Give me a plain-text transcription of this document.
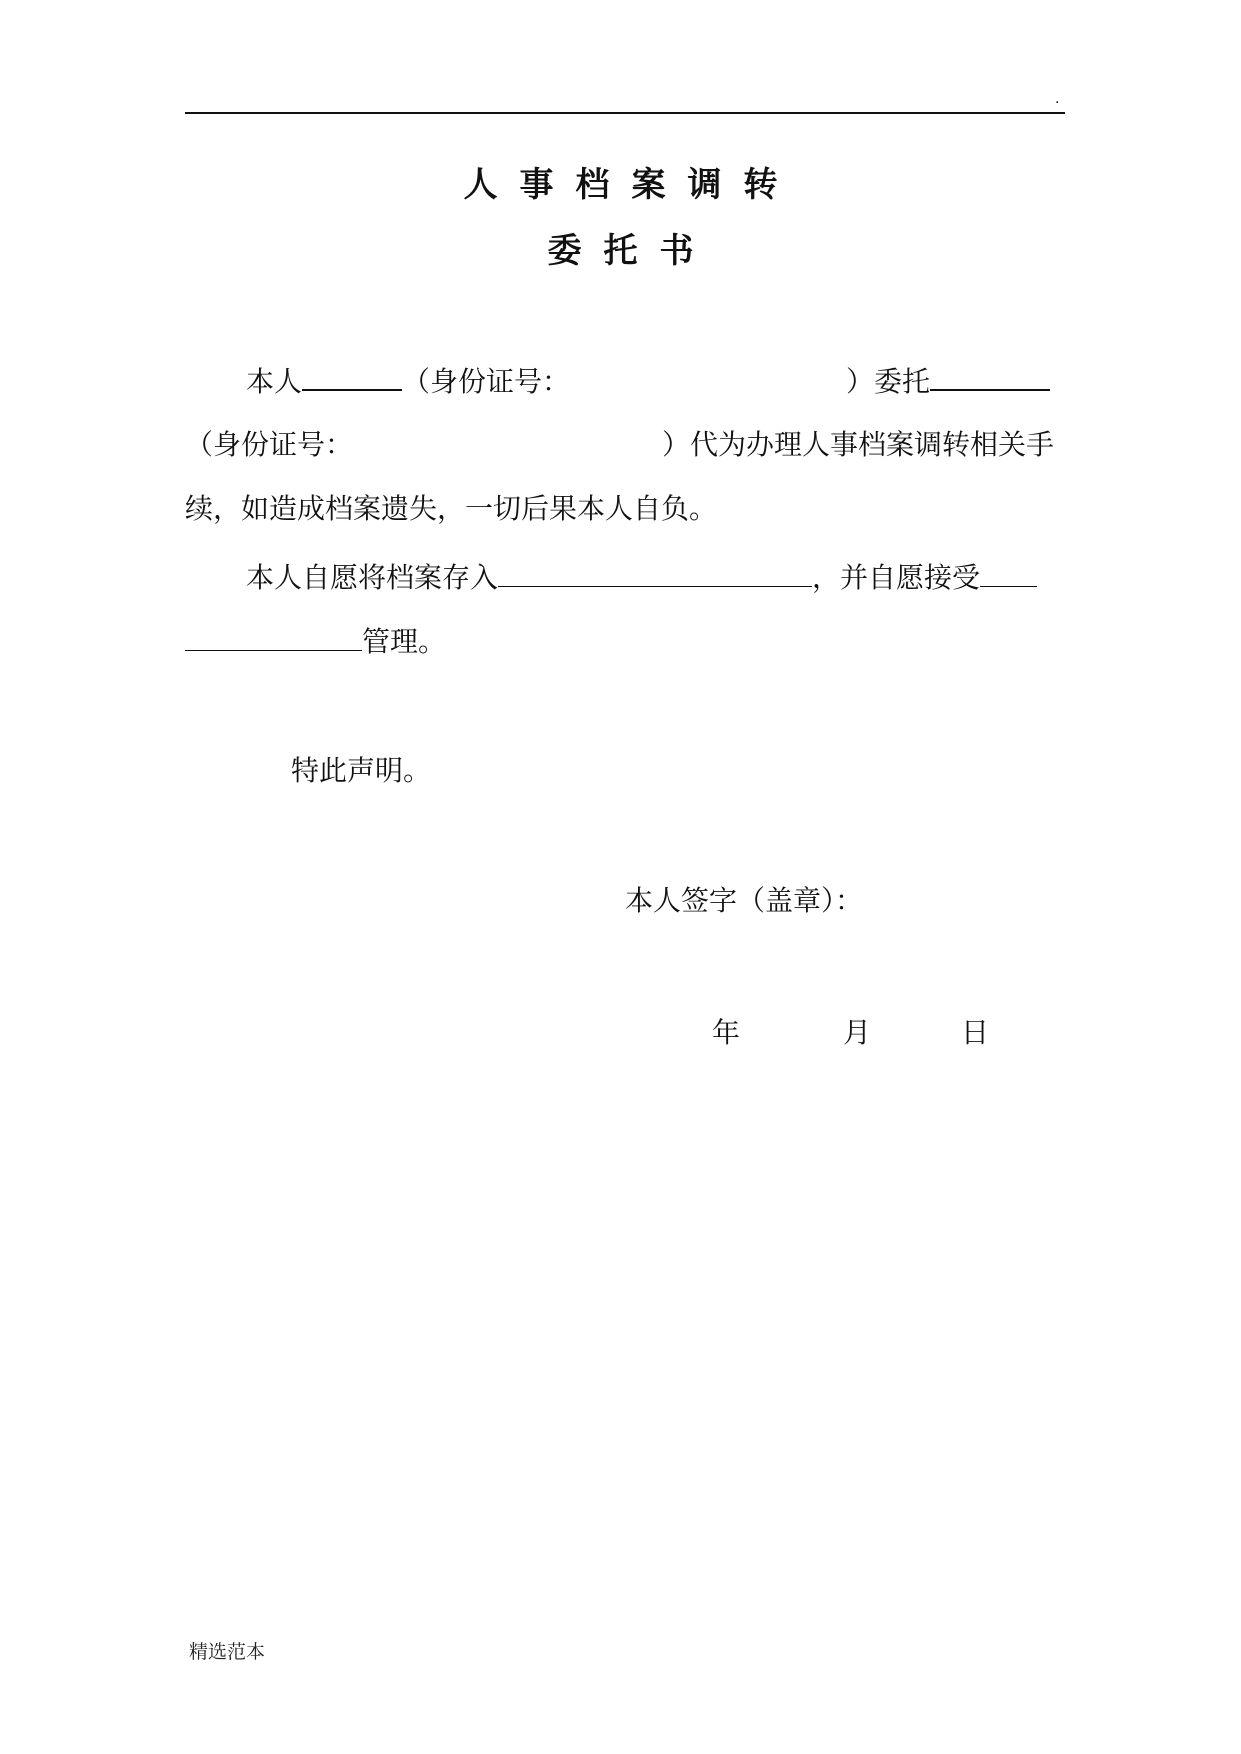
.
人事档案调转
委托书
本人	（身份证号：	）委托
（身份证号：	）代为办理人事档案调转相关手
续，如造成档案遗失，一切后果本人自负。
本人自愿将档案存入	，并自愿接受
管理。
特此声明。
本人签字（盖章）：
年	月	日
精选范本
